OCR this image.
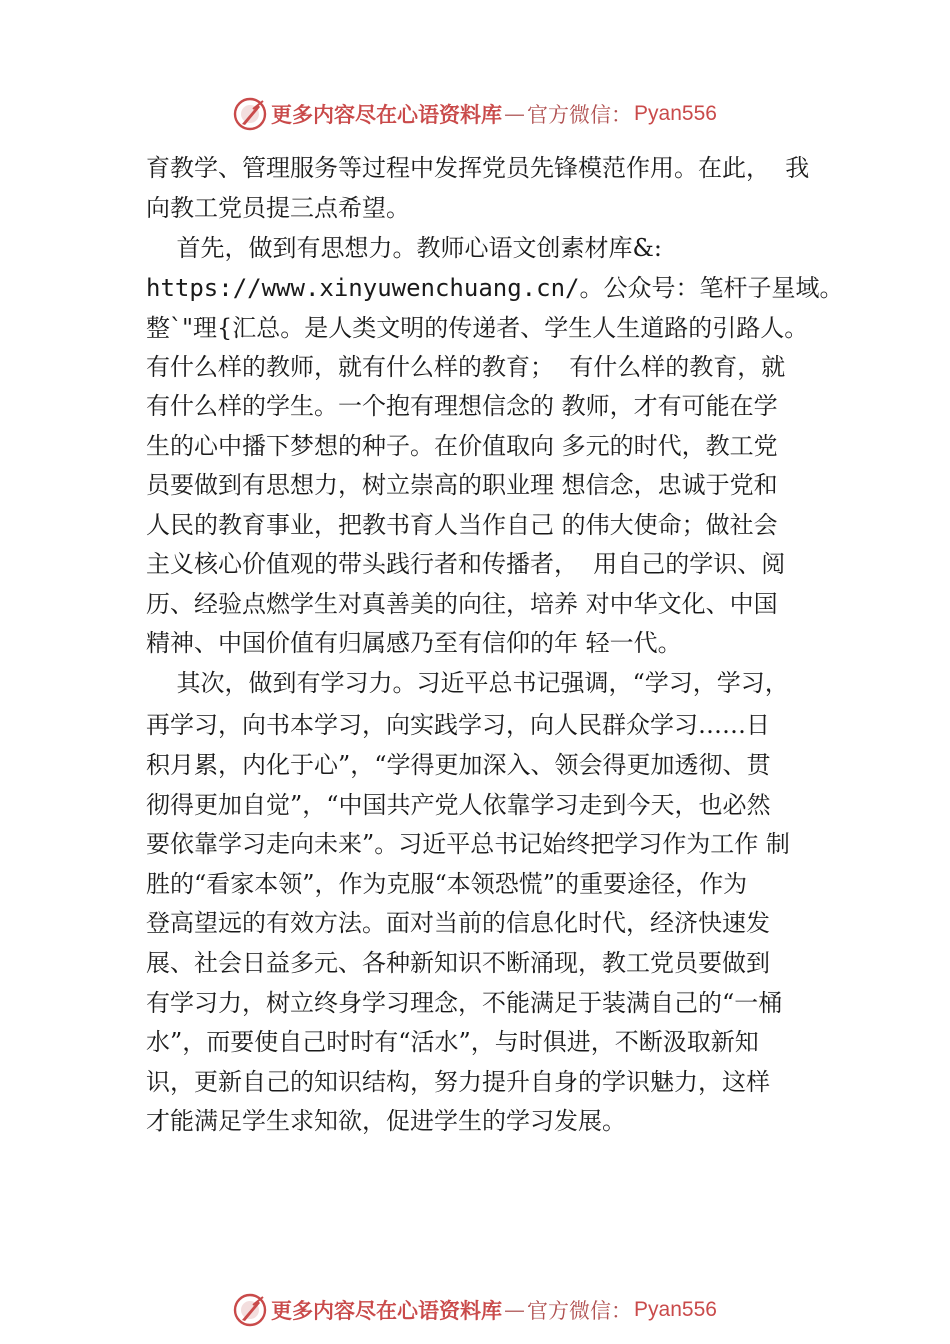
更多内容尽在心语资料库 — 官方微信： Pyan556
育教学、管理服务等过程中发挥党员先锋模范作用。在此，  我
向教工党员提三点希望。
首先，做到有思想力。教师心语文创素材库&:
https://www.xinyuwenchuang.cn/。公众号：笔杆子星域。
整`"理{汇总。是人类文明的传递者、学生人生道路的引路人。
有什么样的教师，就有什么样的教育；  有什么样的教育，就
有什么样的学生。一个抱有理想信念的 教师，才有可能在学
生的心中播下梦想的种子。在价值取向 多元的时代，教工党
员要做到有思想力，树立崇高的职业理 想信念，忠诚于党和
人民的教育事业，把教书育人当作自己 的伟大使命；做社会
主义核心价值观的带头践行者和传播者，  用自己的学识、阅
历、经验点燃学生对真善美的向往，培养 对中华文化、中国
精神、中国价值有归属感乃至有信仰的年 轻一代。
其次，做到有学习力。习近平总书记强调，“学习，学习，
再学习，向书本学习，向实践学习，向人民群众学习……日
积月累，内化于心”，“学得更加深入、领会得更加透彻、贯
彻得更加自觉”，“中国共产党人依靠学习走到今天，也必然
要依靠学习走向未来”。习近平总书记始终把学习作为工作 制
胜的“看家本领”，作为克服“本领恐慌”的重要途径，作为
登高望远的有效方法。面对当前的信息化时代，经济快速发
展、社会日益多元、各种新知识不断涌现，教工党员要做到
有学习力，树立终身学习理念，不能满足于装满自己的“一桶
水”，而要使自己时时有“活水”，与时俱进，不断汲取新知
识，更新自己的知识结构，努力提升自身的学识魅力，这样
才能满足学生求知欲，促进学生的学习发展。
更多内容尽在心语资料库 — 官方微信： Pyan556
